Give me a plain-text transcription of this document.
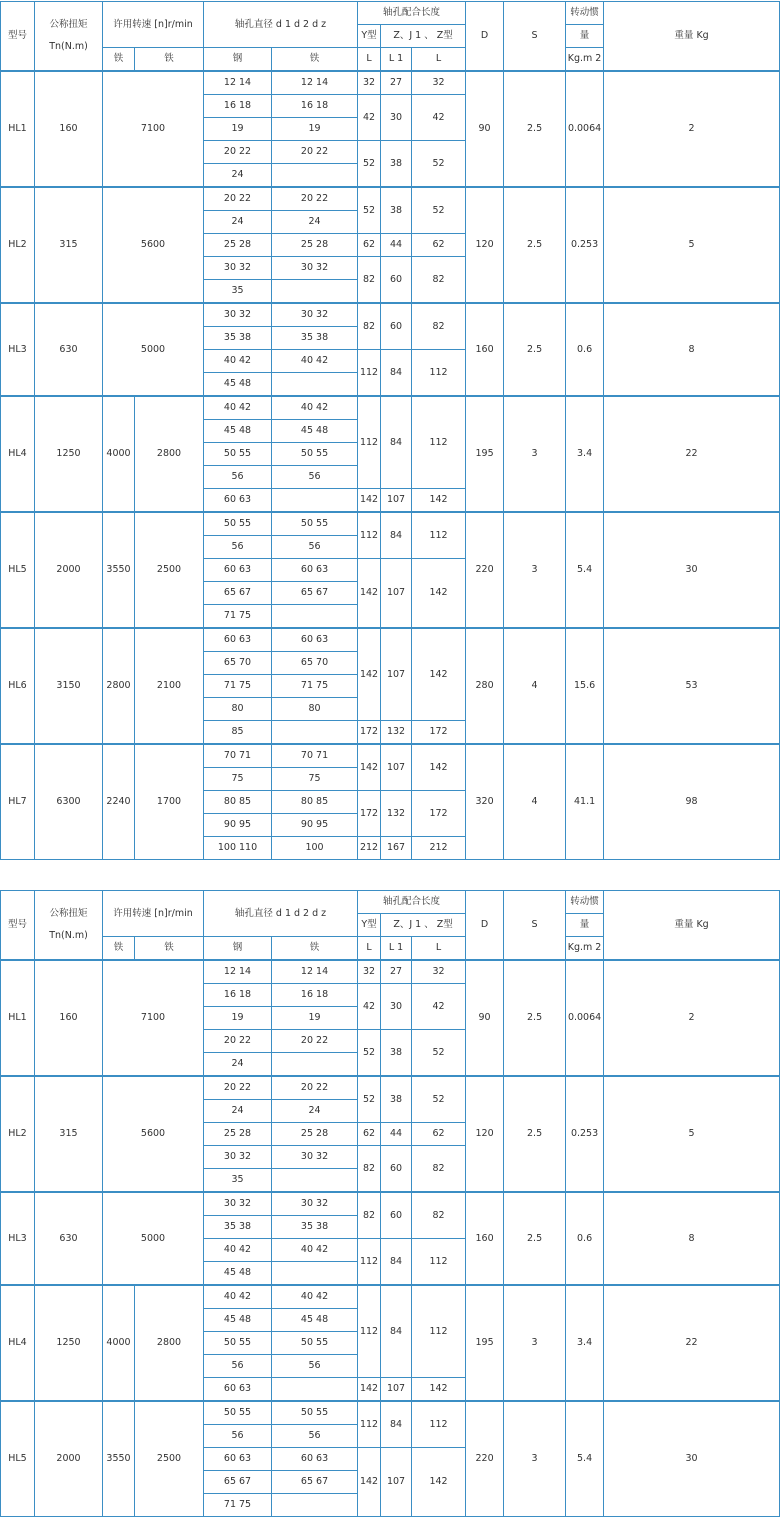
型号	公称扭矩
Tn(N.m)	许用转速 [n]r/min		轴孔直径 d 1 d 2 d z		轴孔配合长度			D	S	转动惯	重量 Kg
						Y型	Z、J 1 、 Z型				量	
		铁	铁	钢	铁	L	L 1	L			Kg.m 2	
HL1	160	7100		12 14	12 14	32	27	32	90	2.5	0.0064	2
				16 18	16 18	42	30	42				
				19	19							
				20 22	20 22	52	38	52				
				24								
HL2	315	5600		20 22	20 22	52	38	52	120	2.5	0.253	5
				24	24							
				25 28	25 28	62	44	62				
				30 32	30 32	82	60	82				
				35								
HL3	630	5000		30 32	30 32	82	60	82	160	2.5	0.6	8
				35 38	35 38							
				40 42	40 42	112	84	112				
				45 48								
HL4	1250	4000	2800	40 42	40 42	112	84	112	195	3	3.4	22
				45 48	45 48							
				50 55	50 55							
				56	56							
				60 63		142	107	142				
HL5	2000	3550	2500	50 55	50 55	112	84	112	220	3	5.4	30
				56	56							
				60 63	60 63	142	107	142				
				65 67	65 67							
				71 75								
HL6	3150	2800	2100	60 63	60 63	142	107	142	280	4	15.6	53
				65 70	65 70							
				71 75	71 75							
				80	80							
				85		172	132	172				
HL7	6300	2240	1700	70 71	70 71	142	107	142	320	4	41.1	98
				75	75							
				80 85	80 85	172	132	172				
				90 95	90 95							
				100 110	100	212	167	212				
型号	公称扭矩
Tn(N.m)	许用转速 [n]r/min		轴孔直径 d 1 d 2 d z		轴孔配合长度			D	S	转动惯	重量 Kg
						Y型	Z、J 1 、 Z型				量	
		铁	铁	钢	铁	L	L 1	L			Kg.m 2	
HL1	160	7100		12 14	12 14	32	27	32	90	2.5	0.0064	2
				16 18	16 18	42	30	42				
				19	19							
				20 22	20 22	52	38	52				
				24								
HL2	315	5600		20 22	20 22	52	38	52	120	2.5	0.253	5
				24	24							
				25 28	25 28	62	44	62				
				30 32	30 32	82	60	82				
				35								
HL3	630	5000		30 32	30 32	82	60	82	160	2.5	0.6	8
				35 38	35 38							
				40 42	40 42	112	84	112				
				45 48								
HL4	1250	4000	2800	40 42	40 42	112	84	112	195	3	3.4	22
				45 48	45 48							
				50 55	50 55							
				56	56							
				60 63		142	107	142				
HL5	2000	3550	2500	50 55	50 55	112	84	112	220	3	5.4	30
				56	56							
				60 63	60 63	142	107	142				
				65 67	65 67							
				71 75								
